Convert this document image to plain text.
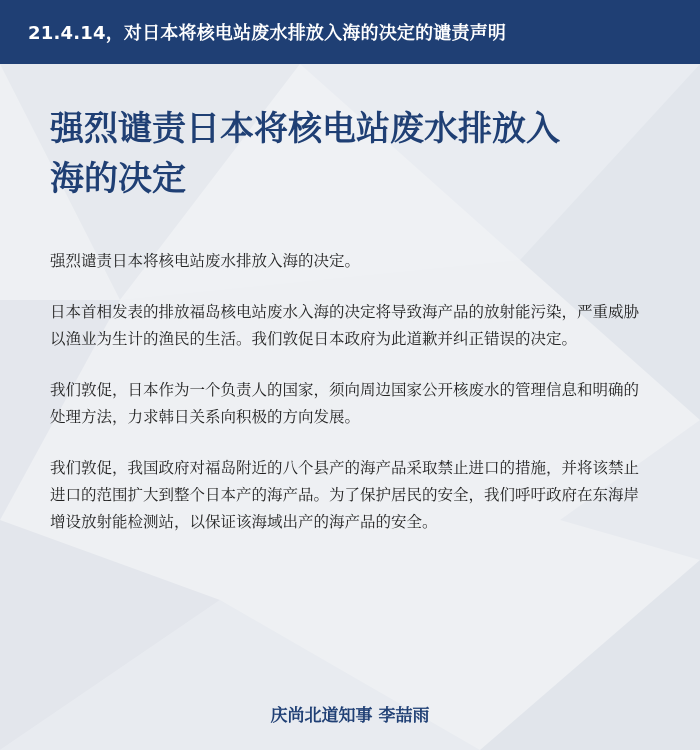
21.4.14，对日本将核电站废水排放入海的决定的谴责声明
强烈谴责日本将核电站废水排放入
海的决定

强烈谴责日本将核电站废水排放入海的决定。

日本首相发表的排放福岛核电站废水入海的决定将导致海产品的放射能污染，严重威胁以渔业为生计的渔民的生活。我们敦促日本政府为此道歉并纠正错误的决定。

我们敦促，日本作为一个负责人的国家，须向周边国家公开核废水的管理信息和明确的处理方法，力求韩日关系向积极的方向发展。

我们敦促，我国政府对福岛附近的八个县产的海产品采取禁止进口的措施，并将该禁止进口的范围扩大到整个日本产的海产品。为了保护居民的安全，我们呼吁政府在东海岸增设放射能检测站，以保证该海域出产的海产品的安全。

庆尚北道知事 李喆雨
